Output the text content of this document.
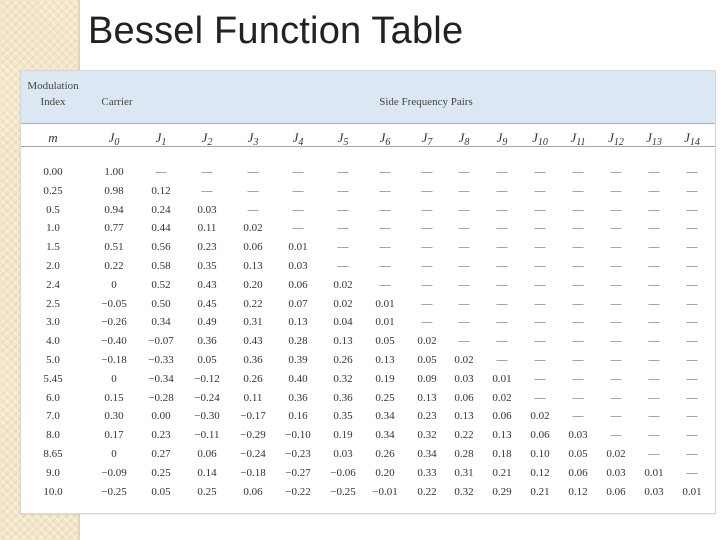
Bessel Function Table
Modulation
Index	Carrier	Side Frequency Pairs
m	$J_0$	$J_1$	$J_2$	$J_3$	$J_4$	$J_5$	$J_6$	$J_7$	$J_8$	$J_9$	$J_{10}$	$J_{11}$	$J_{12}$	$J_{13}$	$J_{14}$
0.00	1.00	—	—	—	—	—	—	—	—	—	—	—	—	—	—
0.25	0.98	0.12	—	—	—	—	—	—	—	—	—	—	—	—	—
0.5	0.94	0.24	0.03	—	—	—	—	—	—	—	—	—	—	—	—
1.0	0.77	0.44	0.11	0.02	—	—	—	—	—	—	—	—	—	—	—
1.5	0.51	0.56	0.23	0.06	0.01	—	—	—	—	—	—	—	—	—	—
2.0	0.22	0.58	0.35	0.13	0.03	—	—	—	—	—	—	—	—	—	—
2.4	0	0.52	0.43	0.20	0.06	0.02	—	—	—	—	—	—	—	—	—
2.5	−0.05	0.50	0.45	0.22	0.07	0.02	0.01	—	—	—	—	—	—	—	—
3.0	−0.26	0.34	0.49	0.31	0.13	0.04	0.01	—	—	—	—	—	—	—	—
4.0	−0.40	−0.07	0.36	0.43	0.28	0.13	0.05	0.02	—	—	—	—	—	—	—
5.0	−0.18	−0.33	0.05	0.36	0.39	0.26	0.13	0.05	0.02	—	—	—	—	—	—
5.45	0	−0.34	−0.12	0.26	0.40	0.32	0.19	0.09	0.03	0.01	—	—	—	—	—
6.0	0.15	−0.28	−0.24	0.11	0.36	0.36	0.25	0.13	0.06	0.02	—	—	—	—	—
7.0	0.30	0.00	−0.30	−0.17	0.16	0.35	0.34	0.23	0.13	0.06	0.02	—	—	—	—
8.0	0.17	0.23	−0.11	−0.29	−0.10	0.19	0.34	0.32	0.22	0.13	0.06	0.03	—	—	—
8.65	0	0.27	0.06	−0.24	−0.23	0.03	0.26	0.34	0.28	0.18	0.10	0.05	0.02	—	—
9.0	−0.09	0.25	0.14	−0.18	−0.27	−0.06	0.20	0.33	0.31	0.21	0.12	0.06	0.03	0.01	—
10.0	−0.25	0.05	0.25	0.06	−0.22	−0.25	−0.01	0.22	0.32	0.29	0.21	0.12	0.06	0.03	0.01
